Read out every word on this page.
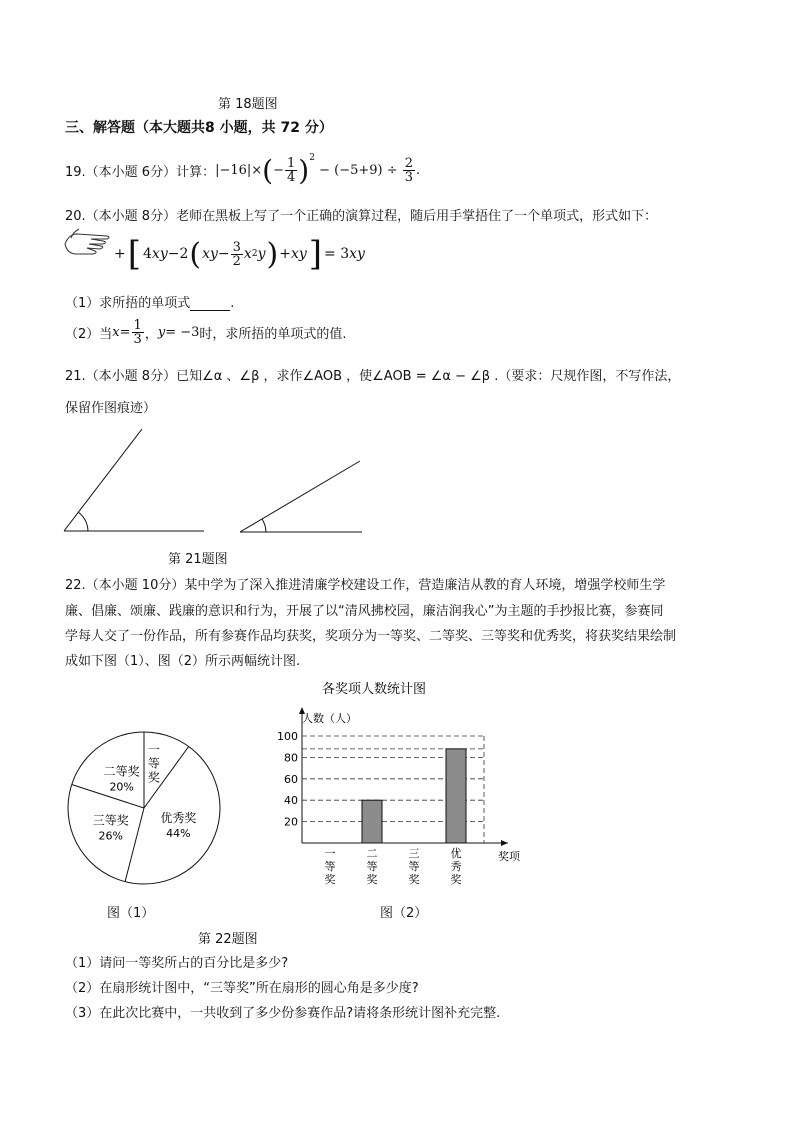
第 18题图
三、解答题（本大题共8 小题，共 72 分）
19.（本小题 6分）计算： $|-16|\times(- \frac{1}{4} )^2 - (-5+9) \div \frac{2}{3}$ .
20.（本小题 8分）老师在黑板上写了一个正确的演算过程，随后用手掌捂住了一个单项式，形式如下：
+ [ 4 xy −2 ( xy − $\frac{3}{2}$ x 2 y ) + xy ] = 3 xy
（1）求所捂的单项式	.
（2）当 $x = \frac{1}{3}$ ， y = −3 时，求所捂的单项式的值.
21.（本小题 8分）已知∠α 、∠β ，求作∠AOB ，使∠AOB = ∠α − ∠β .（要求：尺规作图，不写作法，
保留作图痕迹）
第 21题图
22.（本小题 10分）某中学为了深入推进清廉学校建设工作，营造廉洁从教的育人环境，增强学校师生学
廉、倡廉、颂廉、践廉的意识和行为，开展了以“清风拂校园，廉洁润我心”为主题的手抄报比赛，参赛同
学每人交了一份作品，所有参赛作品均获奖，奖项分为一等奖、二等奖、三等奖和优秀奖，将获奖结果绘制
成如下图（1）、图（2）所示两幅统计图.
一
等
奖
优秀奖
44%
三等奖
26%
二等奖
20%
图（1）
各奖项人数统计图
20
40
60
80
100
一
等
奖
二
等
奖
三
等
奖
优
秀
奖
人数（人）
奖项
图（2）
第 22题图
（1）请问一等奖所占的百分比是多少?
（2）在扇形统计图中，“三等奖”所在扇形的圆心角是多少度?
（3）在此次比赛中，一共收到了多少份参赛作品?请将条形统计图补充完整.
